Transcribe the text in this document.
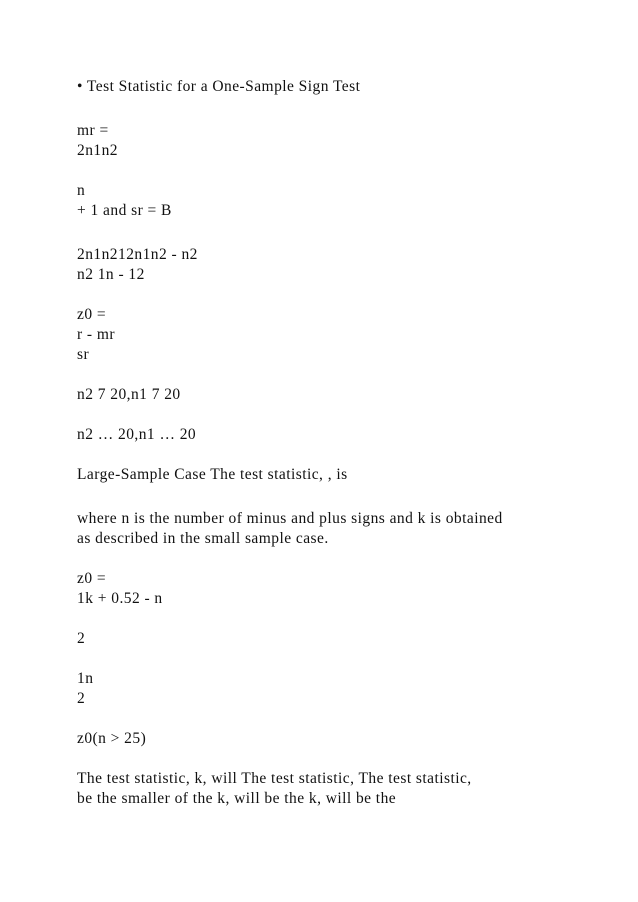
• Test Statistic for a One-Sample Sign Test
mr =
2n1n2
n
+ 1 and sr = B
2n1n212n1n2 - n2
n2 1n - 12
z0 =
r - mr
sr
n2 7 20,n1 7 20
n2 … 20,n1 … 20
Large-Sample Case The test statistic, , is
where n is the number of minus and plus signs and k is obtained
as described in the small sample case.
z0 =
1k + 0.52 - n
2
1n
2
z0(n > 25)
The test statistic, k, will The test statistic, The test statistic,
be the smaller of the k, will be the k, will be the
